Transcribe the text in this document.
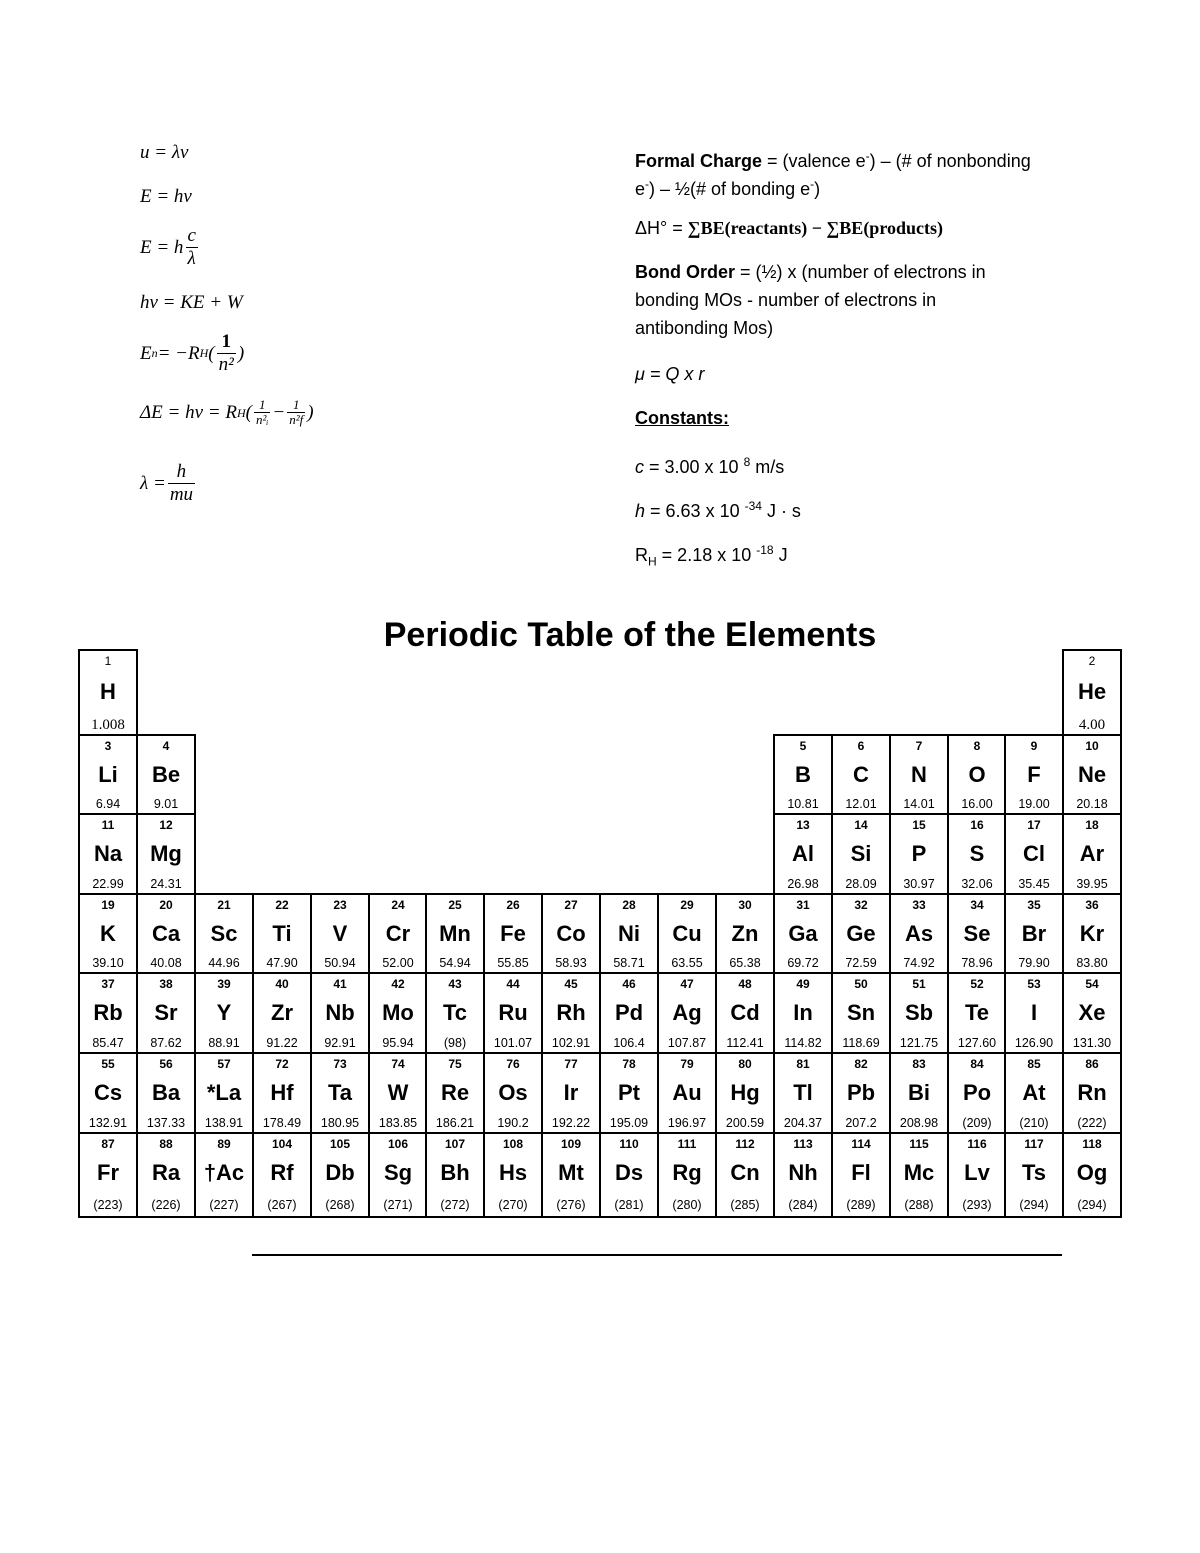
u = λv
E = hv
E = h $\frac{c}{\lambda}$
hv = KE + W
E n = −R H ( $\frac{1}{\text{n²}}$ )
ΔE = hv = R H ( $\frac{1}{\text{n²ᵢ}} - \frac{1}{\text{n²f}}$ )
$\lambda = \frac{h}{mu}$

Formal Charge = (valence e-) – (# of nonbonding

e-) – ½(# of bonding e-)

ΔH° = ∑BE(reactants) − ∑BE(products)

Bond Order = (½) x (number of electrons in

bonding MOs - number of electrons in

antibonding Mos)

μ = Q x r

Constants:

c = 3.00 x 10 $^8$ m/s

h = 6.63 x 10 $^{-34}$ J · s

$R_H = 2.18$ x 10 $^{-18}$ J

Periodic Table of the Elements
1
H
1.008
2
He
4.00
3
Li
6.94
4
Be
9.01
5
B
10.81
6
C
12.01
7
N
14.01
8
O
16.00
9
F
19.00
10
Ne
20.18
11
Na
22.99
12
Mg
24.31
13
Al
26.98
14
Si
28.09
15
P
30.97
16
S
32.06
17
Cl
35.45
18
Ar
39.95
19
K
39.10
20
Ca
40.08
21
Sc
44.96
22
Ti
47.90
23
V
50.94
24
Cr
52.00
25
Mn
54.94
26
Fe
55.85
27
Co
58.93
28
Ni
58.71
29
Cu
63.55
30
Zn
65.38
31
Ga
69.72
32
Ge
72.59
33
As
74.92
34
Se
78.96
35
Br
79.90
36
Kr
83.80
37
Rb
85.47
38
Sr
87.62
39
Y
88.91
40
Zr
91.22
41
Nb
92.91
42
Mo
95.94
43
Tc
(98)
44
Ru
101.07
45
Rh
102.91
46
Pd
106.4
47
Ag
107.87
48
Cd
112.41
49
In
114.82
50
Sn
118.69
51
Sb
121.75
52
Te
127.60
53
I
126.90
54
Xe
131.30
55
Cs
132.91
56
Ba
137.33
57
*La
138.91
72
Hf
178.49
73
Ta
180.95
74
W
183.85
75
Re
186.21
76
Os
190.2
77
Ir
192.22
78
Pt
195.09
79
Au
196.97
80
Hg
200.59
81
Tl
204.37
82
Pb
207.2
83
Bi
208.98
84
Po
(209)
85
At
(210)
86
Rn
(222)
87
Fr
(223)
88
Ra
(226)
89
†Ac
(227)
104
Rf
(267)
105
Db
(268)
106
Sg
(271)
107
Bh
(272)
108
Hs
(270)
109
Mt
(276)
110
Ds
(281)
111
Rg
(280)
112
Cn
(285)
113
Nh
(284)
114
Fl
(289)
115
Mc
(288)
116
Lv
(293)
117
Ts
(294)
118
Og
(294)
